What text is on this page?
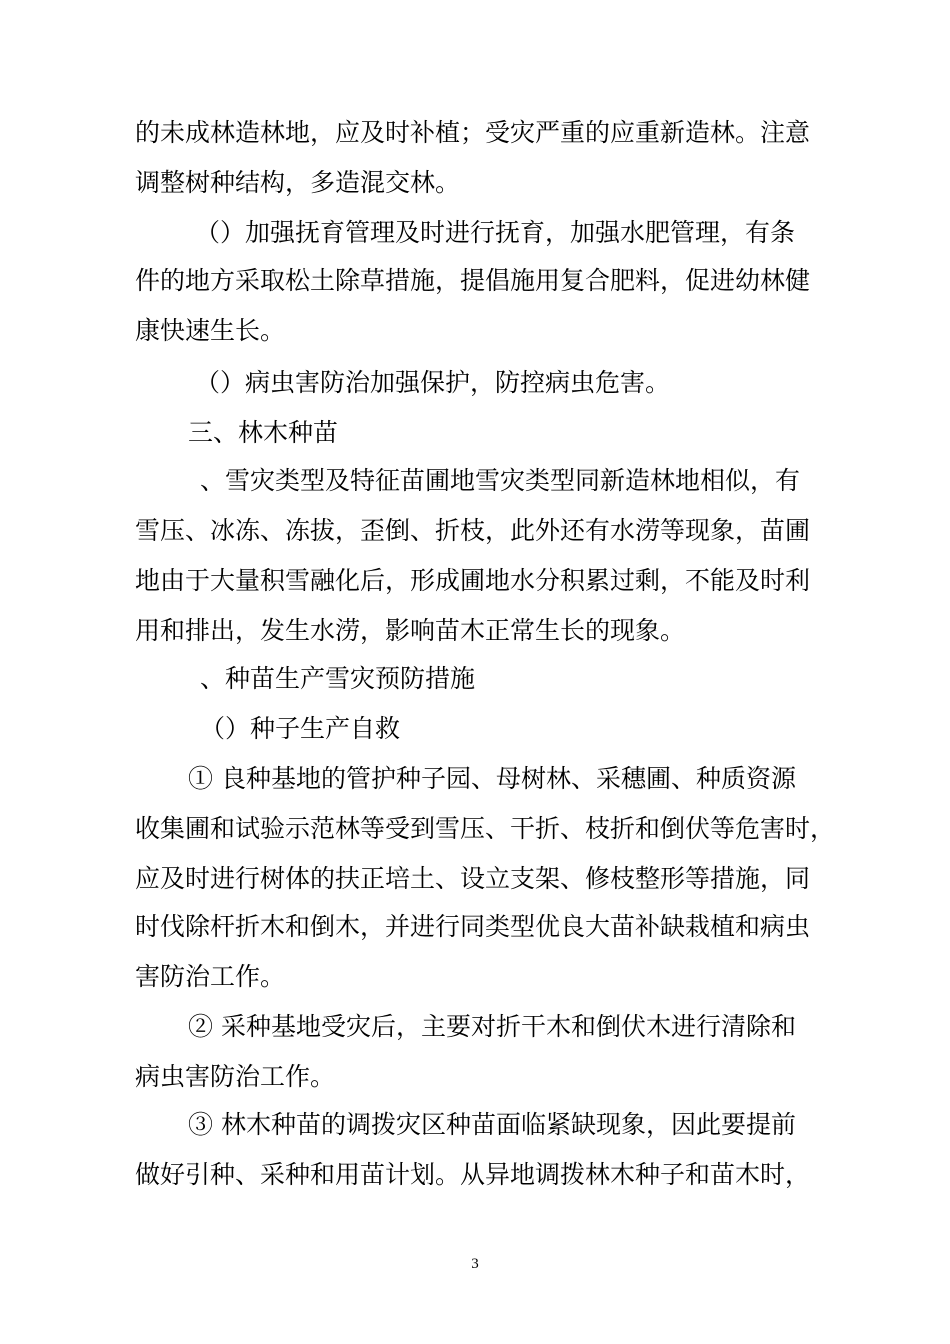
的未成林造林地，应及时补植；受灾严重的应重新造林。注意
调整树种结构，多造混交林。
（）加强抚育管理及时进行抚育，加强水肥管理，有条
件的地方采取松土除草措施，提倡施用复合肥料，促进幼林健
康快速生长。
（）病虫害防治加强保护，防控病虫危害。
三、林木种苗
、雪灾类型及特征苗圃地雪灾类型同新造林地相似，有
雪压、冰冻、冻拔，歪倒、折枝，此外还有水涝等现象，苗圃
地由于大量积雪融化后，形成圃地水分积累过剩，不能及时利
用和排出，发生水涝，影响苗木正常生长的现象。
、种苗生产雪灾预防措施
（）种子生产自救
① 良种基地的管护种子园、母树林、采穗圃、种质资源
收集圃和试验示范林等受到雪压、干折、枝折和倒伏等危害时，
应及时进行树体的扶正培土、设立支架、修枝整形等措施，同
时伐除杆折木和倒木，并进行同类型优良大苗补缺栽植和病虫
害防治工作。
② 采种基地受灾后，主要对折干木和倒伏木进行清除和
病虫害防治工作。
③ 林木种苗的调拨灾区种苗面临紧缺现象，因此要提前
做好引种、采种和用苗计划。从异地调拨林木种子和苗木时，
3
